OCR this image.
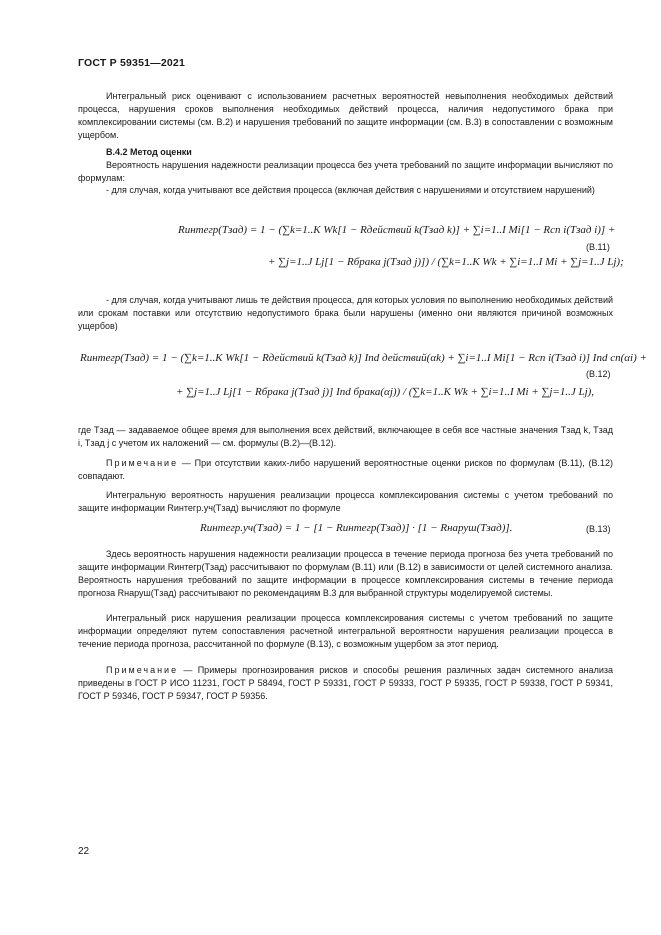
ГОСТ Р 59351—2021
Интегральный риск оценивают с использованием расчетных вероятностей невыполнения необходимых действий процесса, нарушения сроков выполнения необходимых действий процесса, наличия недопустимого брака при комплексировании системы (см. В.2) и нарушения требований по защите информации (см. В.3) в сопоставлении с возможным ущербом.
В.4.2 Метод оценки
Вероятность нарушения надежности реализации процесса без учета требований по защите информации вычисляют по формулам:
- для случая, когда учитывают все действия процесса (включая действия с нарушениями и отсутствием нарушений)
Rинтегр(Tзад) = 1 − (∑k=1..K Wk[1 − Rдействий k(Tзад k)] + ∑i=1..I Mi[1 − Rсп i(Tзад i)] +
+ ∑j=1..J Lj[1 − Rбрака j(Tзад j)]) / (∑k=1..K Wk + ∑i=1..I Mi + ∑j=1..J Lj);
(В.11)
- для случая, когда учитывают лишь те действия процесса, для которых условия по выполнению необходимых действий или срокам поставки или отсутствию недопустимого брака были нарушены (именно они являются причиной возможных ущербов)
Rинтегр(Tзад) = 1 − (∑k=1..K Wk[1 − Rдействий k(Tзад k)] Ind действий(αk) + ∑i=1..I Mi[1 − Rсп i(Tзад i)] Ind сп(αi) +
+ ∑j=1..J Lj[1 − Rбрака j(Tзад j)] Ind брака(αj)) / (∑k=1..K Wk + ∑i=1..I Mi + ∑j=1..J Lj),
(В.12)
где Tзад — задаваемое общее время для выполнения всех действий, включающее в себя все частные значения Tзад k, Tзад i, Tзад j с учетом их наложений — см. формулы (В.2)—(В.12).
Примечание — При отсутствии каких-либо нарушений вероятностные оценки рисков по формулам (В.11), (В.12) совпадают.
Интегральную вероятность нарушения реализации процесса комплексирования системы с учетом требований по защите информации Rинтегр.уч(Tзад) вычисляют по формуле
Rинтегр.уч(Tзад) = 1 − [1 − Rинтегр(Tзад)] · [1 − Rнаруш(Tзад)].	(В.13)
Здесь вероятность нарушения надежности реализации процесса в течение периода прогноза без учета требований по защите информации Rинтегр(Tзад) рассчитывают по формулам (В.11) или (В.12) в зависимости от целей системного анализа. Вероятность нарушения требований по защите информации в процессе комплексирования системы в течение периода прогноза Rнаруш(Tзад) рассчитывают по рекомендациям В.3 для выбранной структуры моделируемой системы.
Интегральный риск нарушения реализации процесса комплексирования системы с учетом требований по защите информации определяют путем сопоставления расчетной интегральной вероятности нарушения реализации процесса в течение периода прогноза, рассчитанной по формуле (В.13), с возможным ущербом за этот период.
Примечание — Примеры прогнозирования рисков и способы решения различных задач системного анализа приведены в ГОСТ Р ИСО 11231, ГОСТ Р 58494, ГОСТ Р 59331, ГОСТ Р 59333, ГОСТ Р 59335, ГОСТ Р 59338, ГОСТ Р 59341, ГОСТ Р 59346, ГОСТ Р 59347, ГОСТ Р 59356.
22
